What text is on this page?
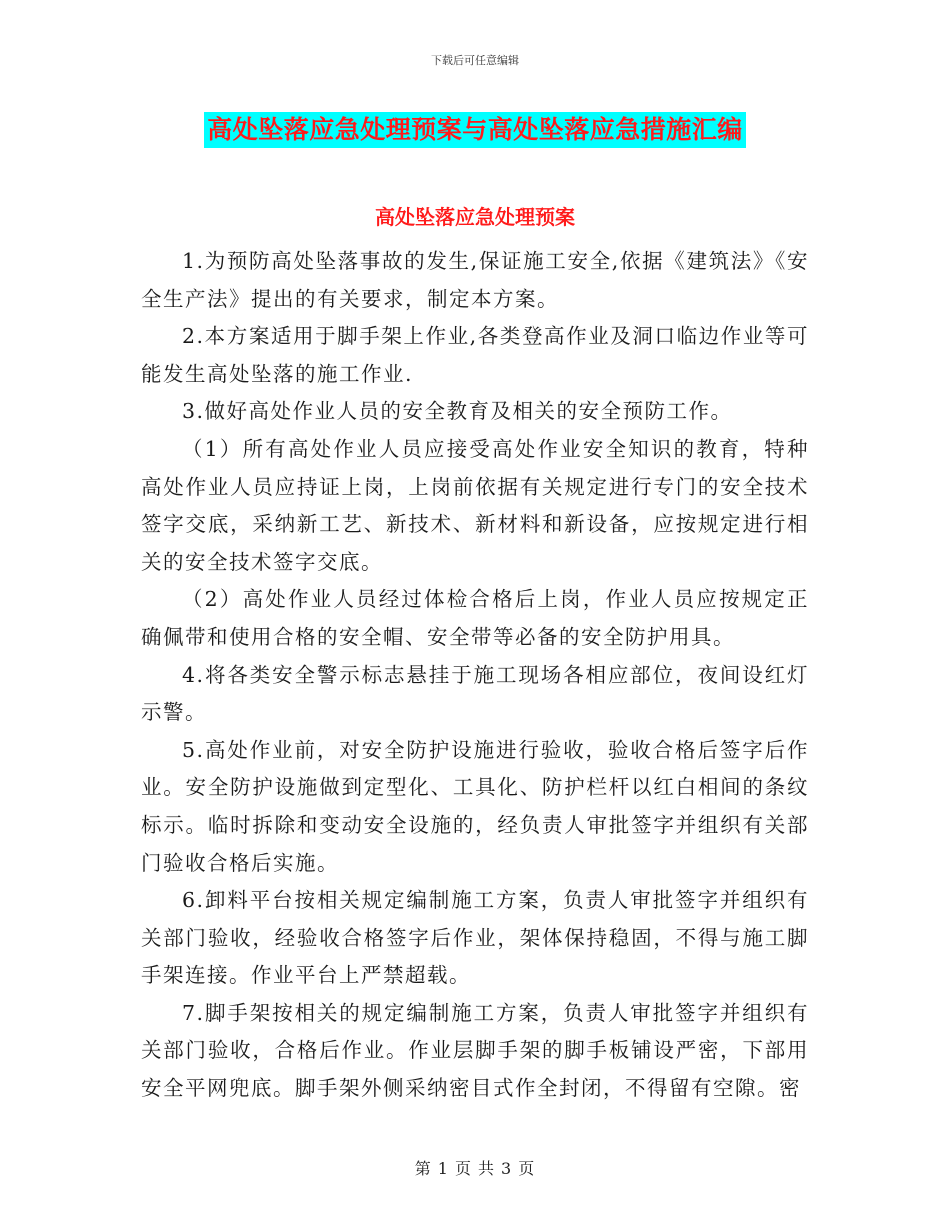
下载后可任意编辑
高处坠落应急处理预案与高处坠落应急措施汇编
高处坠落应急处理预案

1.为预防高处坠落事故的发生,保证施工安全,依据《建筑法》《安全生产法》提出的有关要求，制定本方案。

2.本方案适用于脚手架上作业,各类登高作业及洞口临边作业等可能发生高处坠落的施工作业.

3.做好高处作业人员的安全教育及相关的安全预防工作。

（1）所有高处作业人员应接受高处作业安全知识的教育，特种高处作业人员应持证上岗，上岗前依据有关规定进行专门的安全技术签字交底，采纳新工艺、新技术、新材料和新设备，应按规定进行相关的安全技术签字交底。

（2）高处作业人员经过体检合格后上岗，作业人员应按规定正确佩带和使用合格的安全帽、安全带等必备的安全防护用具。

4.将各类安全警示标志悬挂于施工现场各相应部位，夜间设红灯示警。

5.高处作业前，对安全防护设施进行验收，验收合格后签字后作业。安全防护设施做到定型化、工具化、防护栏杆以红白相间的条纹标示。临时拆除和变动安全设施的，经负责人审批签字并组织有关部门验收合格后实施。

6.卸料平台按相关规定编制施工方案，负责人审批签字并组织有关部门验收，经验收合格签字后作业，架体保持稳固，不得与施工脚手架连接。作业平台上严禁超载。

7.脚手架按相关的规定编制施工方案，负责人审批签字并组织有关部门验收，合格后作业。作业层脚手架的脚手板铺设严密，下部用安全平网兜底。脚手架外侧采纳密目式作全封闭，不得留有空隙。密

第 1 页 共 3 页
